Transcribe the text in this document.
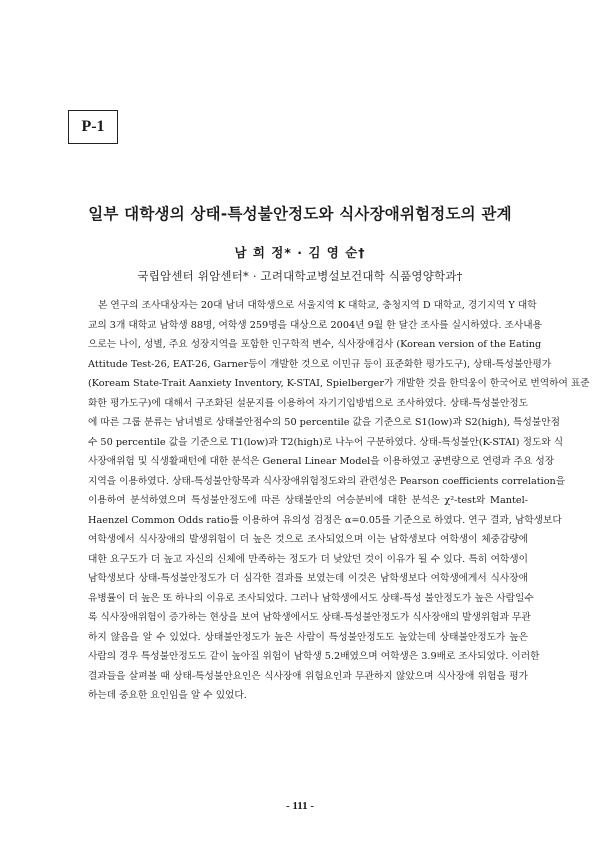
P-1
일부 대학생의 상태-특성불안정도와 식사장애위험정도의 관계
남 희 정* · 김 영 순†
국립암센터 위암센터* · 고려대학교병설보건대학 식품영양학과†
본 연구의 조사대상자는 20대 남녀 대학생으로 서울지역 K 대학교, 충청지역 D 대학교, 경기지역 Y 대학
교의 3개 대학교 남학생 88명, 여학생 259명을 대상으로 2004년 9월 한 달간 조사를 실시하였다. 조사내용
으로는 나이, 성별, 주요 성장지역을 포함한 인구학적 변수, 식사장애검사 (Korean version of the Eating
Attitude Test-26, EAT-26, Garner등이 개발한 것으로 이민규 등이 표준화한 평가도구), 상태-특성불안평가
(Koream State-Trait Aanxiety Inventory, K-STAI, Spielberger가 개발한 것을 한덕웅이 한국어로 번역하여 표준
화한 평가도구)에 대해서 구조화된 설문지를 이용하여 자기기입방법으로 조사하였다. 상태-특성불안정도
에 따른 그룹 분류는 남녀별로 상태불안점수의 50 percentile 값을 기준으로 S1(low)과 S2(high), 특성불안점
수 50 percentile 값을 기준으로 T1(low)과 T2(high)로 나누어 구분하였다. 상태-특성불안(K-STAI) 정도와 식
사장애위험 및 식생활패턴에 대한 분석은 General Linear Model을 이용하였고 공변량으로 연령과 주요 성장
지역을 이용하였다. 상태-특성불안항목과 식사장애위험정도와의 관련성은 Pearson coefficients correlation을
이용하여 분석하였으며 특성불안정도에 따른 상태불안의 여승분비에 대한 분석은 χ²-test와 Mantel-
Haenzel Common Odds ratio를 이용하여 유의성 검정은 α=0.05를 기준으로 하였다. 연구 결과, 남학생보다
여학생에서 식사장애의 발생위험이 더 높은 것으로 조사되었으며 이는 남학생보다 여학생이 체중감량에
대한 요구도가 더 높고 자신의 신체에 만족하는 정도가 더 낮았던 것이 이유가 될 수 있다. 특히 여학생이
남학생보다 상태-특성불안정도가 더 심각한 결과를 보였는데 이것은 남학생보다 여학생에게서 식사장애
유병률이 더 높은 또 하나의 이유로 조사되었다. 그러나 남학생에서도 상태-특성 불안정도가 높은 사람일수
록 식사장애위험이 증가하는 현상을 보여 남학생에서도 상태-특성불안정도가 식사장애의 발생위험과 무관
하지 않음을 알 수 있었다. 상태불안정도가 높은 사람이 특성불안정도도 높았는데 상태불안정도가 높은
사람의 경우 특성불안정도도 같이 높아질 위험이 남학생 5.2배였으며 여학생은 3.9배로 조사되었다. 이러한
결과들을 살펴볼 때 상태-특성불안요인은 식사장애 위험요인과 무관하지 않았으며 식사장애 위험을 평가
하는데 중요한 요인임을 알 수 있었다.
- 111 -
